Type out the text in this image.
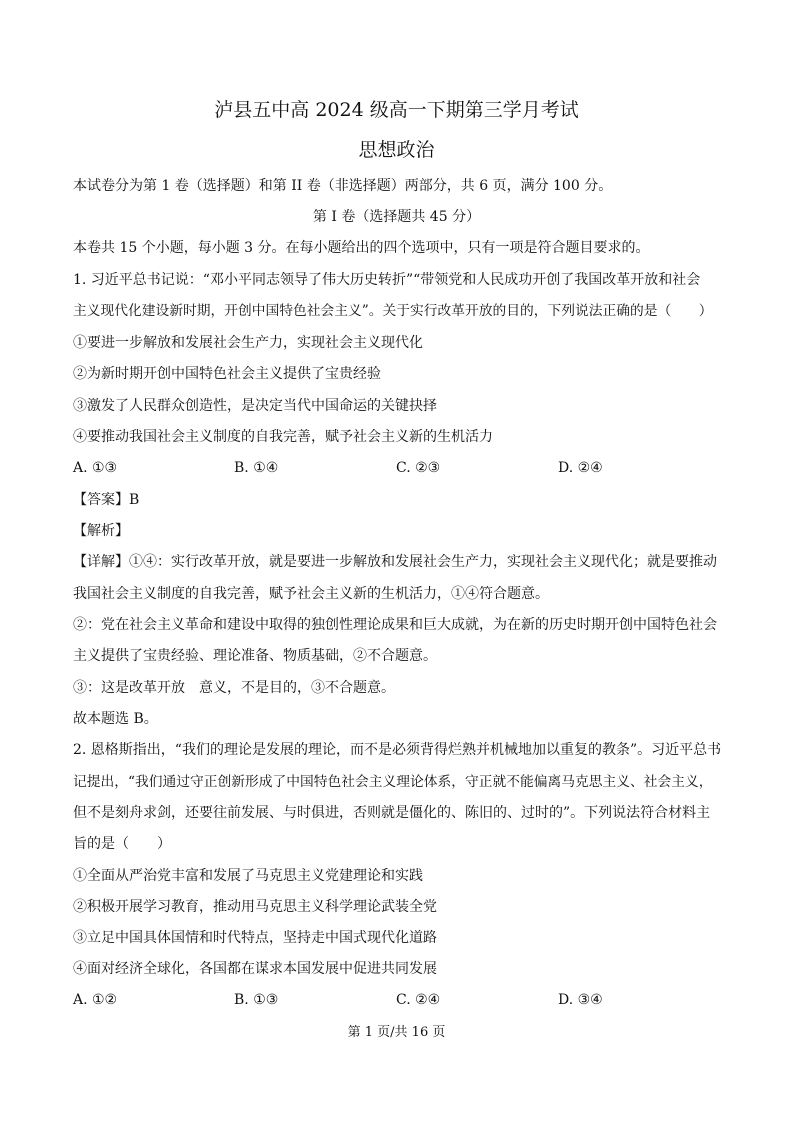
泸县五中高 2024 级高一下期第三学月考试
思想政治
本试卷分为第 1 卷（选择题）和第 II 卷（非选择题）两部分，共 6 页，满分 100 分。
第 I 卷（选择题共 45 分）
本卷共 15 个小题，每小题 3 分。在每小题给出的四个选项中，只有一项是符合题目要求的。
1. 习近平总书记说：“邓小平同志领导了伟大历史转折”“带领党和人民成功开创了我国改革开放和社会
主义现代化建设新时期，开创中国特色社会主义”。关于实行改革开放的目的，下列说法正确的是（　　）
①要进一步解放和发展社会生产力，实现社会主义现代化
②为新时期开创中国特色社会主义提供了宝贵经验
③激发了人民群众创造性，是决定当代中国命运的关键抉择
④要推动我国社会主义制度的自我完善，赋予社会主义新的生机活力
A. ①③	B. ①④	C. ②③	D. ②④
【答案】B
【解析】
【详解】①④：实行改革开放，就是要进一步解放和发展社会生产力，实现社会主义现代化；就是要推动
我国社会主义制度的自我完善，赋予社会主义新的生机活力，①④符合题意。
②：党在社会主义革命和建设中取得的独创性理论成果和巨大成就，为在新的历史时期开创中国特色社会
主义提供了宝贵经验、理论准备、物质基础，②不合题意。
③：这是改革开放　意义，不是目的，③不合题意。
故本题选 B。
2. 恩格斯指出，“我们的理论是发展的理论，而不是必须背得烂熟并机械地加以重复的教条”。习近平总书
记提出，“我们通过守正创新形成了中国特色社会主义理论体系，守正就不能偏离马克思主义、社会主义，
但不是刻舟求剑，还要往前发展、与时俱进，否则就是僵化的、陈旧的、过时的”。下列说法符合材料主
旨的是（　　）
①全面从严治党丰富和发展了马克思主义党建理论和实践
②积极开展学习教育，推动用马克思主义科学理论武装全党
③立足中国具体国情和时代特点，坚持走中国式现代化道路
④面对经济全球化，各国都在谋求本国发展中促进共同发展
A. ①②	B. ①③	C. ②④	D. ③④
第 1 页/共 16 页
